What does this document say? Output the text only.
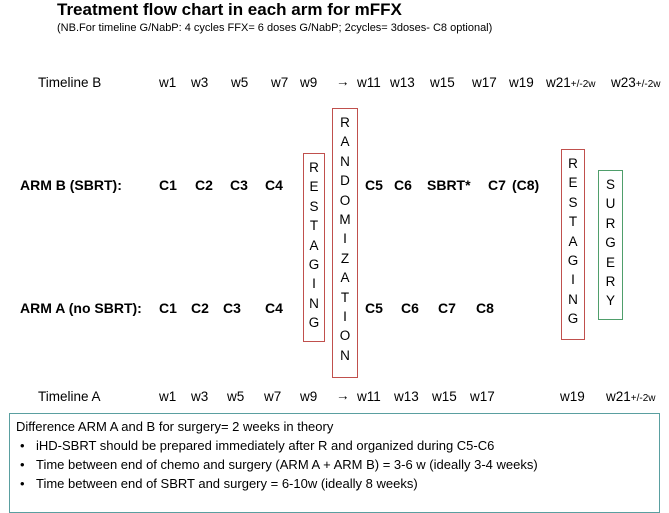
Treatment flow chart in each arm for mFFX
(NB.For timeline G/NabP: 4 cycles FFX= 6 doses G/NabP; 2cycles= 3doses- C8 optional)
Timeline B	w1 w3 w5 w7 w9 → w11 w13 w15 w17 w19 w21+/-2w w23+/-2w
ARM B (SBRT):	C1 C2 C3 C4	C5 C6 SBRT* C7 (C8)
ARM A (no SBRT): C1 C2 C3 C4	C5 C6 C7 C8
Timeline A	w1 w3 w5 w7 w9 → w11 w13 w15 w17	w19 w21+/-2w
R
E
S
T
A
G
I
N
G
R
A
N
D
O
M
I
Z
A
T
I
O
N
R
E
S
T
A
G
I
N
G
S
U
R
G
E
R
Y
Difference ARM A and B for surgery= 2 weeks in theory
• iHD-SBRT should be prepared immediately after R and organized during C5-C6
• Time between end of chemo and surgery (ARM A + ARM B) = 3-6 w (ideally 3-4 weeks)
• Time between end of SBRT and surgery = 6-10w (ideally 8 weeks)
